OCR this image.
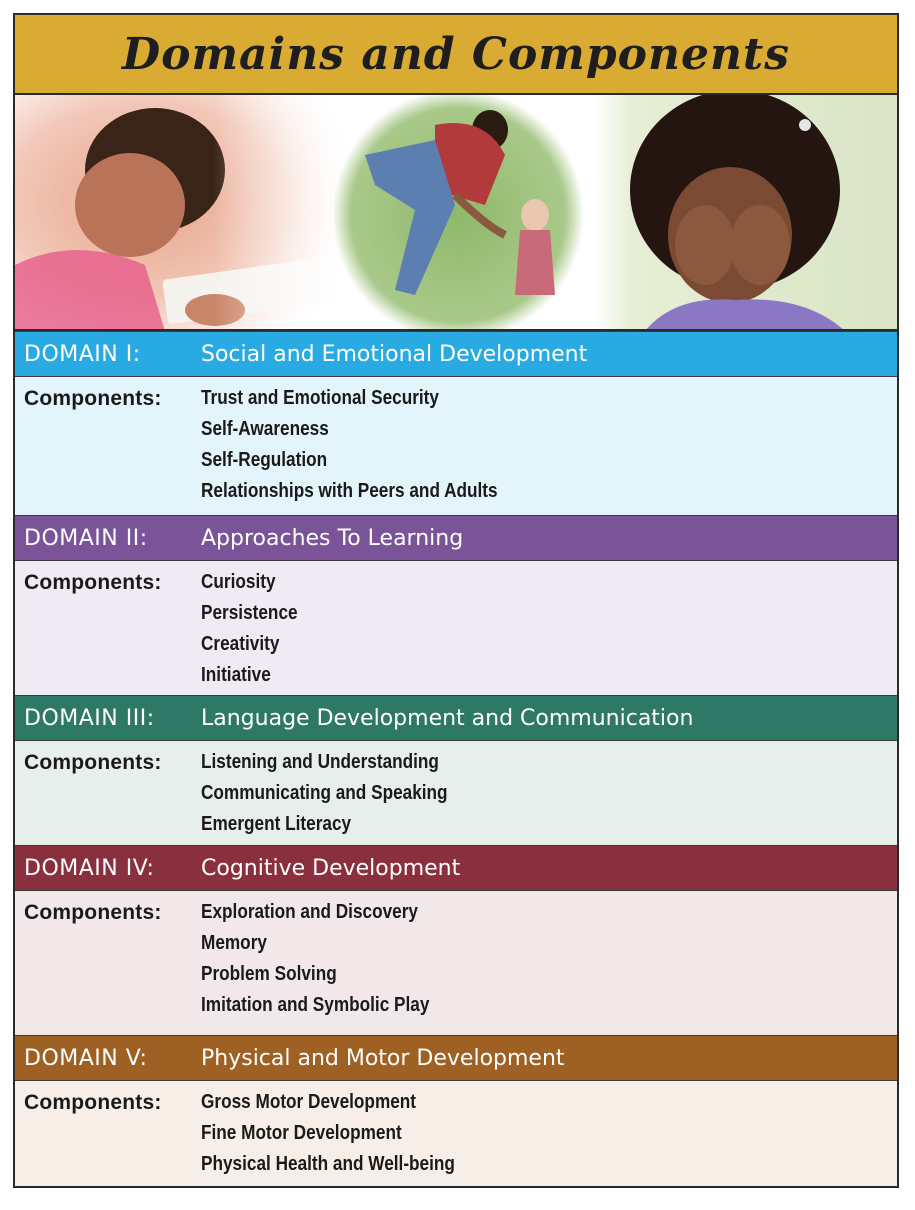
Domains and Components
DOMAIN I:	Social and Emotional Development
Components:	Trust and Emotional Security
Self-Awareness
Self-Regulation
Relationships with Peers and Adults
DOMAIN II:	Approaches To Learning
Components:	Curiosity
Persistence
Creativity
Initiative
DOMAIN III:	Language Development and Communication
Components:	Listening and Understanding
Communicating and Speaking
Emergent Literacy
DOMAIN IV:	Cognitive Development
Components:	Exploration and Discovery
Memory
Problem Solving
Imitation and Symbolic Play
DOMAIN V:	Physical and Motor Development
Components:	Gross Motor Development
Fine Motor Development
Physical Health and Well-being
